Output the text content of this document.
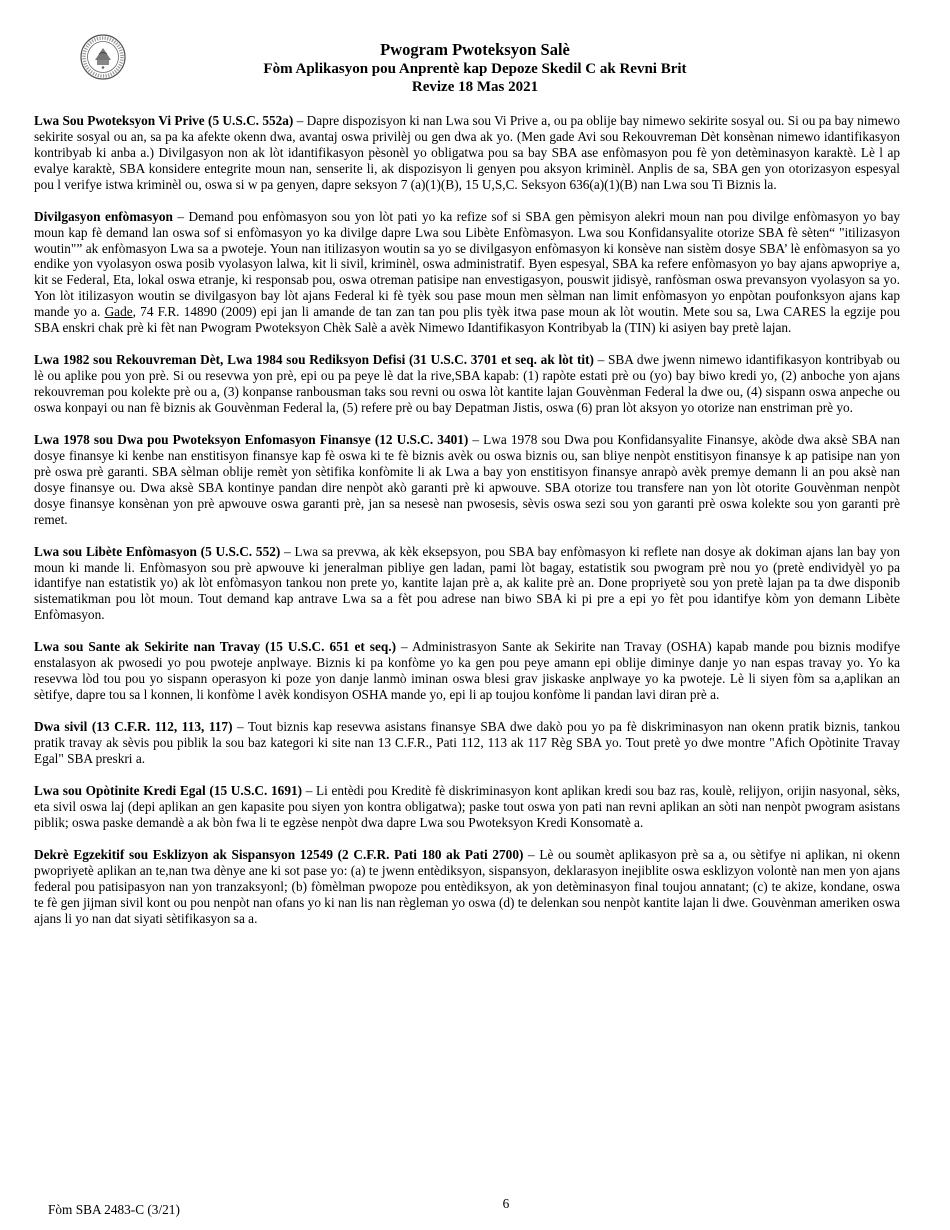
Pwogram Pwoteksyon Salè
Fòm Aplikasyon pou Anprentè kap Depoze Skedil C ak Revni Brit
Revize 18 Mas 2021

Lwa Sou Pwoteksyon Vi Prive (5 U.S.C. 552a) – Dapre dispozisyon ki nan Lwa sou Vi Prive a, ou pa oblije bay nimewo sekirite sosyal ou. Si ou pa bay nimewo sekirite sosyal ou an, sa pa ka afekte okenn dwa, avantaj oswa privilèj ou gen dwa ak yo. (Men gade Avi sou Rekouvreman Dèt konsènan nimewo idantifikasyon kontribyab ki anba a.) Divilgasyon non ak lòt idantifikasyon pèsonèl yo obligatwa pou sa bay SBA ase enfòmasyon pou fè yon detèminasyon karaktè. Lè l ap evalye karaktè, SBA konsidere entegrite moun nan, senserite li, ak dispozisyon li genyen pou aksyon kriminèl. Anplis de sa, SBA gen yon otorizasyon espesyal pou l verifye istwa kriminèl ou, oswa si w pa genyen, dapre seksyon 7 (a)(1)(B), 15 U,S,C. Seksyon 636(a)(1)(B) nan Lwa sou Ti Biznis la.

Divilgasyon enfòmasyon – Demand pou enfòmasyon sou yon lòt pati yo ka refize sof si SBA gen pèmisyon alekri moun nan pou divilge enfòmasyon yo bay moun kap fè demand lan oswa sof si enfòmasyon yo ka divilge dapre Lwa sou Libète Enfòmasyon. Lwa sou Konfidansyalite otorize SBA fè sèten“ "itilizasyon woutin"” ak enfòmasyon Lwa sa a pwoteje. Youn nan itilizasyon woutin sa yo se divilgasyon enfòmasyon ki konsève nan sistèm dosye SBA’ lè enfòmasyon sa yo endike yon vyolasyon oswa posib vyolasyon lalwa, kit li sivil, kriminèl, oswa administratif. Byen espesyal, SBA ka refere enfòmasyon yo bay ajans apwopriye a, kit se Federal, Eta, lokal oswa etranje, ki responsab pou, oswa otreman patisipe nan envestigasyon, pouswit jidisyè, ranfòsman oswa prevansyon vyolasyon sa yo. Yon lòt itilizasyon woutin se divilgasyon bay lòt ajans Federal ki fè tyèk sou pase moun men sèlman nan limit enfòmasyon yo enpòtan poufonksyon ajans kap mande yo a. Gade, 74 F.R. 14890 (2009) epi jan li amande de tan zan tan pou plis tyèk itwa pase moun ak lòt woutin. Mete sou sa, Lwa CARES la egzije pou SBA enskri chak prè ki fèt nan Pwogram Pwoteksyon Chèk Salè a avèk Nimewo Idantifikasyon Kontribyab la (TIN) ki asiyen bay pretè lajan.

Lwa 1982 sou Rekouvreman Dèt, Lwa 1984 sou Rediksyon Defisi (31 U.S.C. 3701 et seq. ak lòt tit) – SBA dwe jwenn nimewo idantifikasyon kontribyab ou lè ou aplike pou yon prè. Si ou resevwa yon prè, epi ou pa peye lè dat la rive,SBA kapab: (1) rapòte estati prè ou (yo) bay biwo kredi yo, (2) anboche yon ajans rekouvreman pou kolekte prè ou a, (3) konpanse ranbousman taks sou revni ou oswa lòt kantite lajan Gouvènman Federal la dwe ou, (4) sispann oswa anpeche ou oswa konpayi ou nan fè biznis ak Gouvènman Federal la, (5) refere prè ou bay Depatman Jistis, oswa (6) pran lòt aksyon yo otorize nan enstriman prè yo.

Lwa 1978 sou Dwa pou Pwoteksyon Enfomasyon Finansye (12 U.S.C. 3401) – Lwa 1978 sou Dwa pou Konfidansyalite Finansye, akòde dwa aksè SBA nan dosye finansye ki kenbe nan enstitisyon finansye kap fè oswa ki te fè biznis avèk ou oswa biznis ou, san bliye nenpòt enstitisyon finansye k ap patisipe nan yon prè oswa prè garanti. SBA sèlman oblije remèt yon sètifika konfòmite li ak Lwa a bay yon enstitisyon finansye anrapò avèk premye demann li an pou aksè nan dosye finansye ou. Dwa aksè SBA kontinye pandan dire nenpòt akò garanti prè ki apwouve. SBA otorize tou transfere nan yon lòt otorite Gouvènman nenpòt dosye finansye konsènan yon prè apwouve oswa garanti prè, jan sa nesesè nan pwosesis, sèvis oswa sezi sou yon garanti prè oswa kolekte sou yon garanti prè remet.

Lwa sou Libète Enfòmasyon (5 U.S.C. 552) – Lwa sa prevwa, ak kèk eksepsyon, pou SBA bay enfòmasyon ki reflete nan dosye ak dokiman ajans lan bay yon moun ki mande li. Enfòmasyon sou prè apwouve ki jeneralman pibliye gen ladan, pami lòt bagay, estatistik sou pwogram prè nou yo (pretè endividyèl yo pa idantifye nan estatistik yo) ak lòt enfòmasyon tankou non prete yo, kantite lajan prè a, ak kalite prè an. Done propriyetè sou yon pretè lajan pa ta dwe disponib sistematikman pou lòt moun. Tout demand kap antrave Lwa sa a fèt pou adrese nan biwo SBA ki pi pre a epi yo fèt pou idantifye kòm yon demann Libète Enfòmasyon.

Lwa sou Sante ak Sekirite nan Travay (15 U.S.C. 651 et seq.) – Administrasyon Sante ak Sekirite nan Travay (OSHA) kapab mande pou biznis modifye enstalasyon ak pwosedi yo pou pwoteje anplwaye. Biznis ki pa konfòme yo ka gen pou peye amann epi oblije diminye danje yo nan espas travay yo. Yo ka resevwa lòd tou pou yo sispann operasyon ki poze yon danje lanmò iminan oswa blesi grav jiskaske anplwaye yo ka pwoteje. Lè li siyen fòm sa a,aplikan an sètifye, dapre tou sa l konnen, li konfòme l avèk kondisyon OSHA mande yo, epi li ap toujou konfòme li pandan lavi diran prè a.

Dwa sivil (13 C.F.R. 112, 113, 117) – Tout biznis kap resevwa asistans finansye SBA dwe dakò pou yo pa fè diskriminasyon nan okenn pratik biznis, tankou pratik travay ak sèvis pou piblik la sou baz kategori ki site nan 13 C.F.R., Pati 112, 113 ak 117 Règ SBA yo. Tout pretè yo dwe montre "Afich Opòtinite Travay Egal" SBA preskri a.

Lwa sou Opòtinite Kredi Egal (15 U.S.C. 1691) – Li entèdi pou Kreditè fè diskriminasyon kont aplikan kredi sou baz ras, koulè, relijyon, orijin nasyonal, sèks, eta sivil oswa laj (depi aplikan an gen kapasite pou siyen yon kontra obligatwa); paske tout oswa yon pati nan revni aplikan an sòti nan nenpòt pwogram asistans piblik; oswa paske demandè a ak bòn fwa li te egzèse nenpòt dwa dapre Lwa sou Pwoteksyon Kredi Konsomatè a.

Dekrè Egzekitif sou Esklizyon ak Sispansyon 12549 (2 C.F.R. Pati 180 ak Pati 2700) – Lè ou soumèt aplikasyon prè sa a, ou sètifye ni aplikan, ni okenn pwopriyetè aplikan an te,nan twa dènye ane ki sot pase yo: (a) te jwenn entèdiksyon, sispansyon, deklarasyon inejiblite oswa esklizyon volontè nan men yon ajans federal pou patisipasyon nan yon tranzaksyonl; (b) fòmèlman pwopoze pou entèdiksyon, ak yon detèminasyon final toujou annatant; (c) te akize, kondane, oswa te fè gen jijman sivil kont ou pou nenpòt nan ofans yo ki nan lis nan règleman yo oswa (d) te delenkan sou nenpòt kantite lajan li dwe. Gouvènman ameriken oswa ajans li yo nan dat siyati sètifikasyon sa a.

Fòm SBA 2483-C (3/21)	6
